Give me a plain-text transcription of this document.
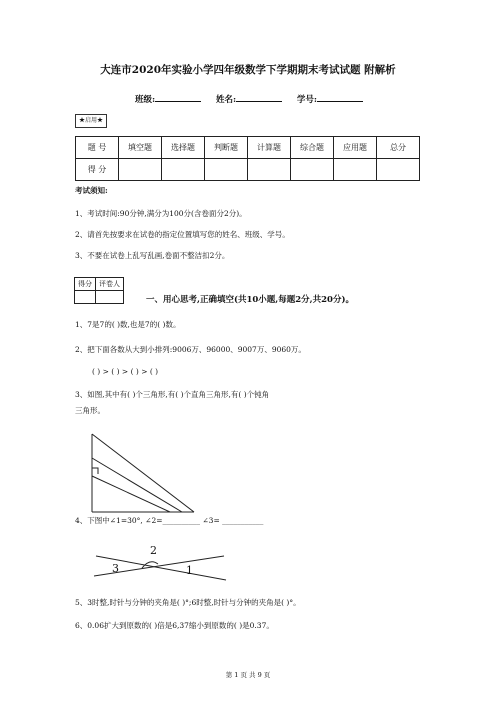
大连市2020年实验小学四年级数学下学期期末考试试题 附解析
班级:	姓名:	学号:
★启用★
题 号	填空题	选择题	判断题	计算题	综合题	应用题	总分
得 分							
考试须知:
1、考试时间:90分钟,满分为100分(含卷面分2分)。
2、请首先按要求在试卷的指定位置填写您的姓名、班级、学号。
3、不要在试卷上乱写乱画,卷面不整洁扣2分。
得分	评卷人

一、用心思考,正确填空(共10小题,每题2分,共20分)。
1、7是7的( )数,也是7的( )数。
2、把下面各数从大到小排列:9006万、96000、9007万、9060万。
( ) > ( ) > ( ) > ( )
3、如图,其中有( )个三角形,有( )个直角三角形,有( )个钝角
三角形。
4、下图中∠1=30°, ∠2=__________ ∠3= ___________
2
3	1
5、3时整,时针与分钟的夹角是( )°;6时整,时针与分钟的夹角是( )°。
6、0.06扩大到原数的( )倍是6,37缩小到原数的( )是0.37。
第 1 页 共 9 页
